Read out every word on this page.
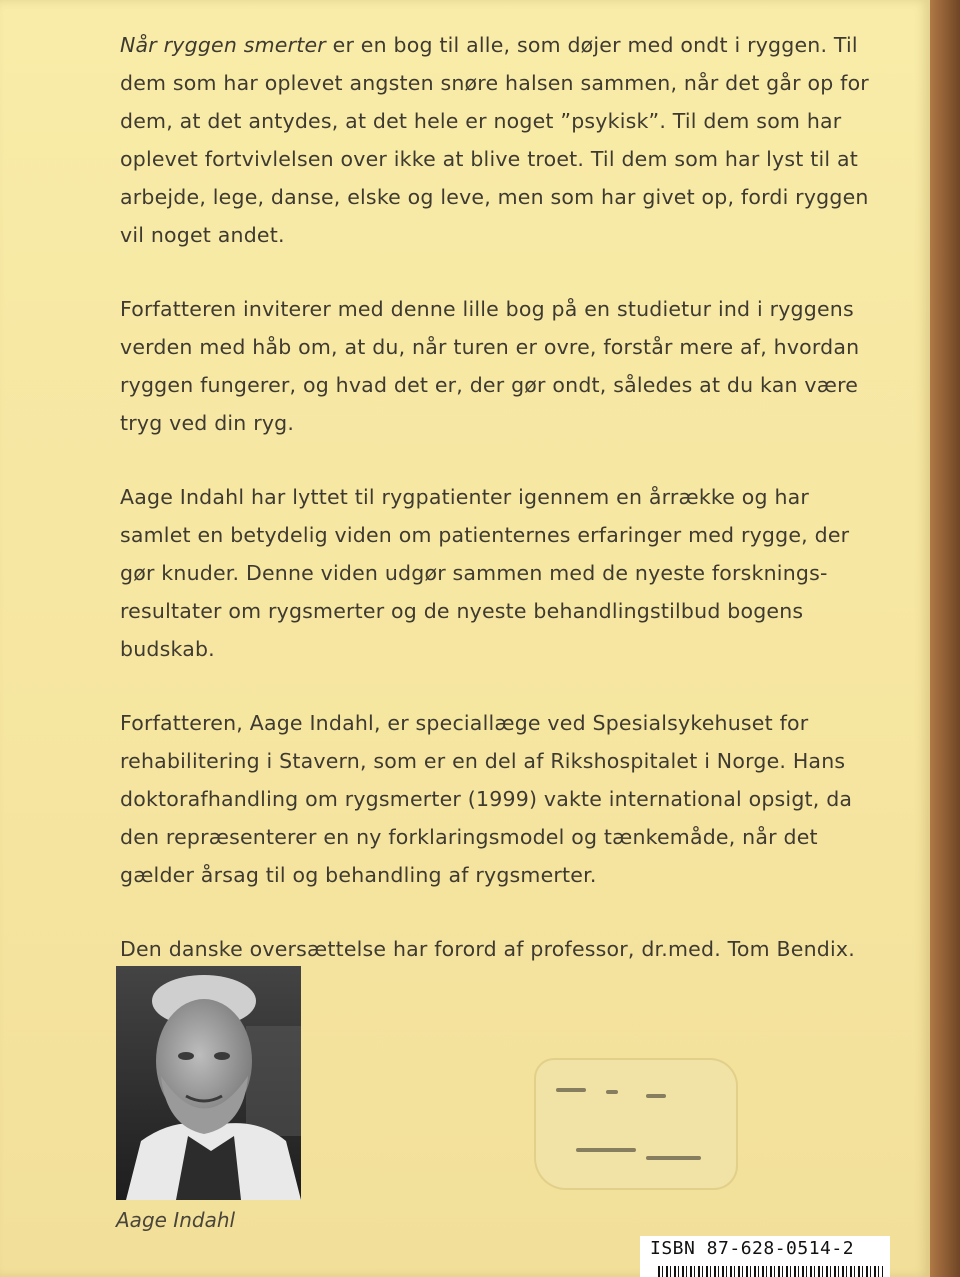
Når ryggen smerter er en bog til alle, som døjer med ondt i ryggen. Til dem som har oplevet angsten snøre halsen sammen, når det går op for dem, at det antydes, at det hele er noget ”psykisk”. Til dem som har oplevet fortvivlelsen over ikke at blive troet. Til dem som har lyst til at arbejde, lege, danse, elske og leve, men som har givet op, fordi ryggen vil noget andet.

Forfatteren inviterer med denne lille bog på en studietur ind i ryggens verden med håb om, at du, når turen er ovre, forstår mere af, hvordan ryggen fungerer, og hvad det er, der gør ondt, således at du kan være tryg ved din ryg.

Aage Indahl har lyttet til rygpatienter igennem en årrække og har samlet en betydelig viden om patienternes erfaringer med rygge, der gør knuder. Denne viden udgør sammen med de nyeste forsknings-resultater om rygsmerter og de nyeste behandlingstilbud bogens budskab.

Forfatteren, Aage Indahl, er speciallæge ved Spesialsykehuset for rehabilitering i Stavern, som er en del af Rikshospitalet i Norge. Hans doktorafhandling om rygsmerter (1999) vakte international opsigt, da den repræsenterer en ny forklaringsmodel og tænkemåde, når det gælder årsag til og behandling af rygsmerter.

Den danske oversættelse har forord af professor, dr.med. Tom Bendix.

Aage Indahl
ISBN 87-628-0514-2
